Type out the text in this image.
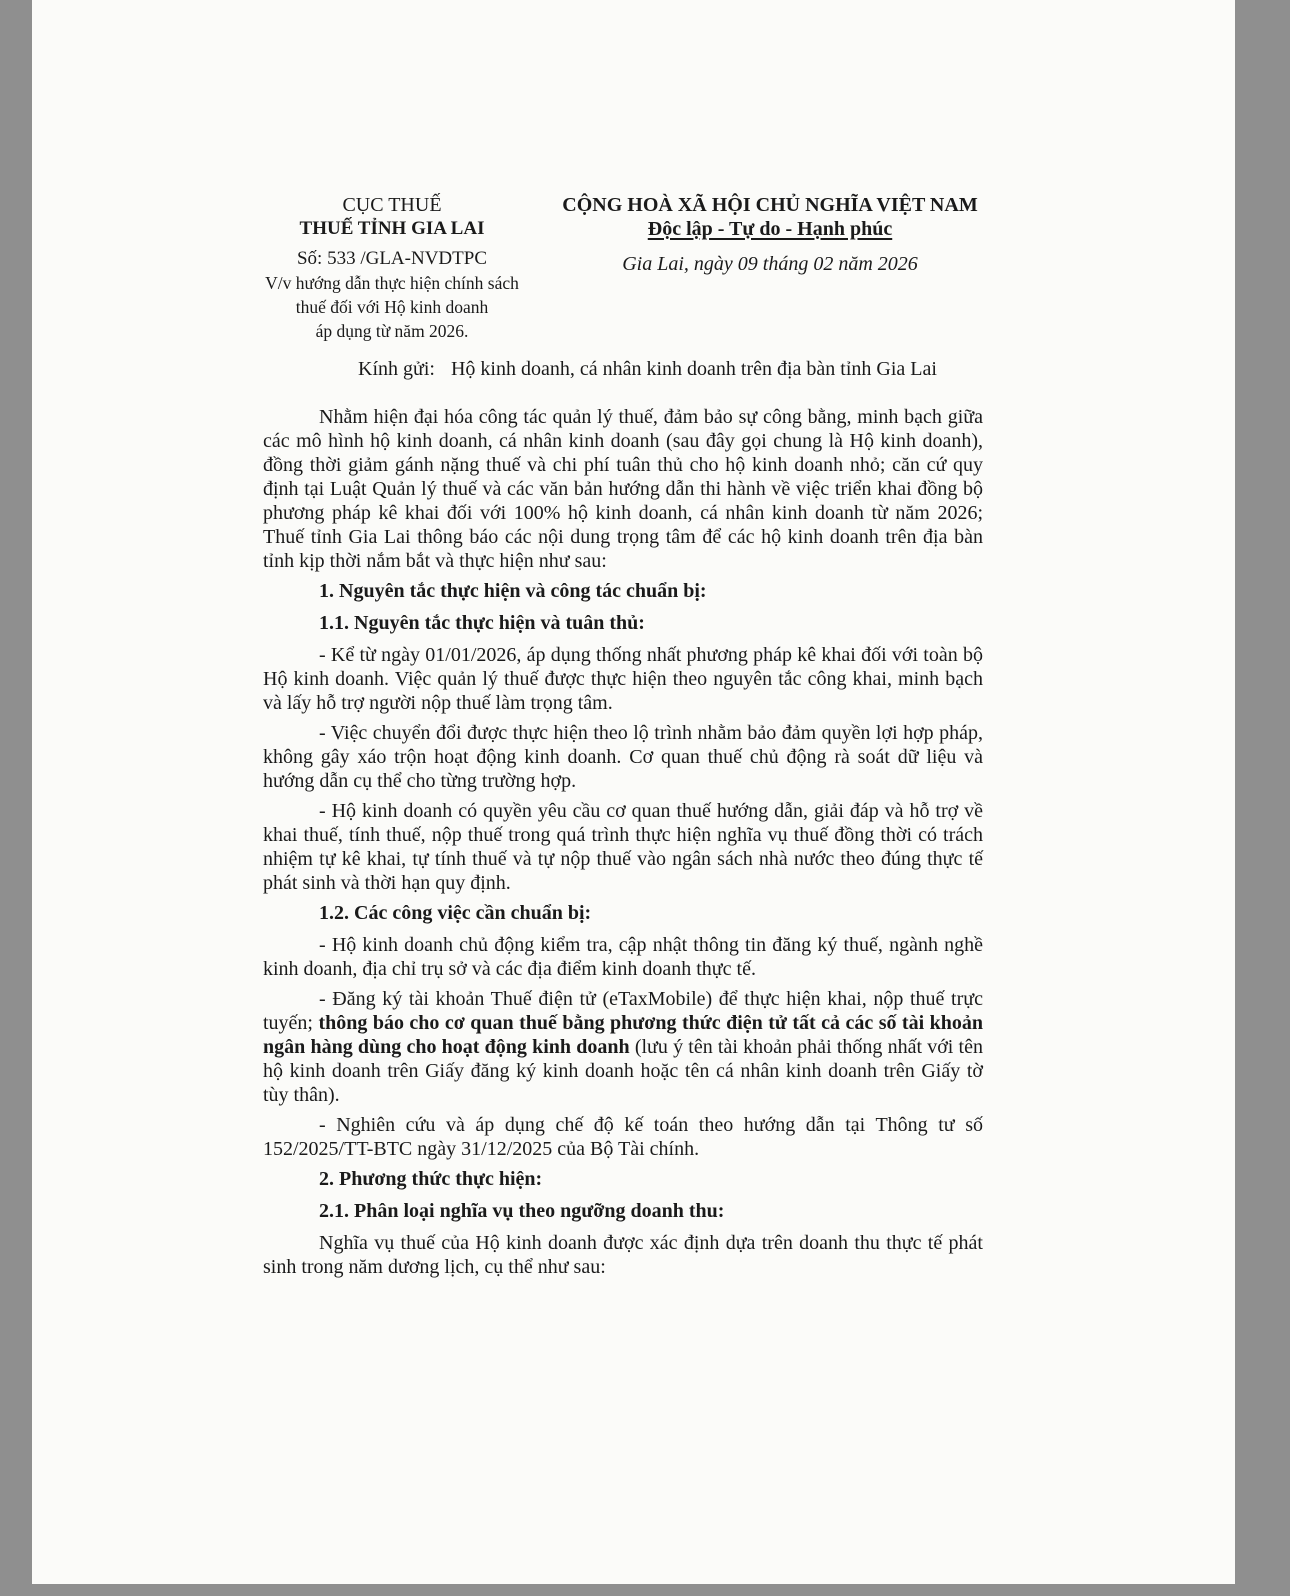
CỤC THUẾ
THUẾ TỈNH GIA LAI
Số: 533 /GLA-NVDTPC
V/v hướng dẫn thực hiện chính sách
thuế đối với Hộ kinh doanh
áp dụng từ năm 2026.
CỘNG HOÀ XÃ HỘI CHỦ NGHĨA VIỆT NAM
Độc lập - Tự do - Hạnh phúc
Gia Lai, ngày 09 tháng 02 năm 2026
Kính gửi: Hộ kinh doanh, cá nhân kinh doanh trên địa bàn tỉnh Gia Lai

Nhằm hiện đại hóa công tác quản lý thuế, đảm bảo sự công bằng, minh bạch giữa các mô hình hộ kinh doanh, cá nhân kinh doanh (sau đây gọi chung là Hộ kinh doanh), đồng thời giảm gánh nặng thuế và chi phí tuân thủ cho hộ kinh doanh nhỏ; căn cứ quy định tại Luật Quản lý thuế và các văn bản hướng dẫn thi hành về việc triển khai đồng bộ phương pháp kê khai đối với 100% hộ kinh doanh, cá nhân kinh doanh từ năm 2026; Thuế tỉnh Gia Lai thông báo các nội dung trọng tâm để các hộ kinh doanh trên địa bàn tỉnh kịp thời nắm bắt và thực hiện như sau:

1. Nguyên tắc thực hiện và công tác chuẩn bị:

1.1. Nguyên tắc thực hiện và tuân thủ:

- Kể từ ngày 01/01/2026, áp dụng thống nhất phương pháp kê khai đối với toàn bộ Hộ kinh doanh. Việc quản lý thuế được thực hiện theo nguyên tắc công khai, minh bạch và lấy hỗ trợ người nộp thuế làm trọng tâm.

- Việc chuyển đổi được thực hiện theo lộ trình nhằm bảo đảm quyền lợi hợp pháp, không gây xáo trộn hoạt động kinh doanh. Cơ quan thuế chủ động rà soát dữ liệu và hướng dẫn cụ thể cho từng trường hợp.

- Hộ kinh doanh có quyền yêu cầu cơ quan thuế hướng dẫn, giải đáp và hỗ trợ về khai thuế, tính thuế, nộp thuế trong quá trình thực hiện nghĩa vụ thuế đồng thời có trách nhiệm tự kê khai, tự tính thuế và tự nộp thuế vào ngân sách nhà nước theo đúng thực tế phát sinh và thời hạn quy định.

1.2. Các công việc cần chuẩn bị:

- Hộ kinh doanh chủ động kiểm tra, cập nhật thông tin đăng ký thuế, ngành nghề kinh doanh, địa chỉ trụ sở và các địa điểm kinh doanh thực tế.

- Đăng ký tài khoản Thuế điện tử (eTaxMobile) để thực hiện khai, nộp thuế trực tuyến; thông báo cho cơ quan thuế bằng phương thức điện tử tất cả các số tài khoản ngân hàng dùng cho hoạt động kinh doanh (lưu ý tên tài khoản phải thống nhất với tên hộ kinh doanh trên Giấy đăng ký kinh doanh hoặc tên cá nhân kinh doanh trên Giấy tờ tùy thân).

- Nghiên cứu và áp dụng chế độ kế toán theo hướng dẫn tại Thông tư số 152/2025/TT-BTC ngày 31/12/2025 của Bộ Tài chính.

2. Phương thức thực hiện:

2.1. Phân loại nghĩa vụ theo ngưỡng doanh thu:

Nghĩa vụ thuế của Hộ kinh doanh được xác định dựa trên doanh thu thực tế phát sinh trong năm dương lịch, cụ thể như sau:
